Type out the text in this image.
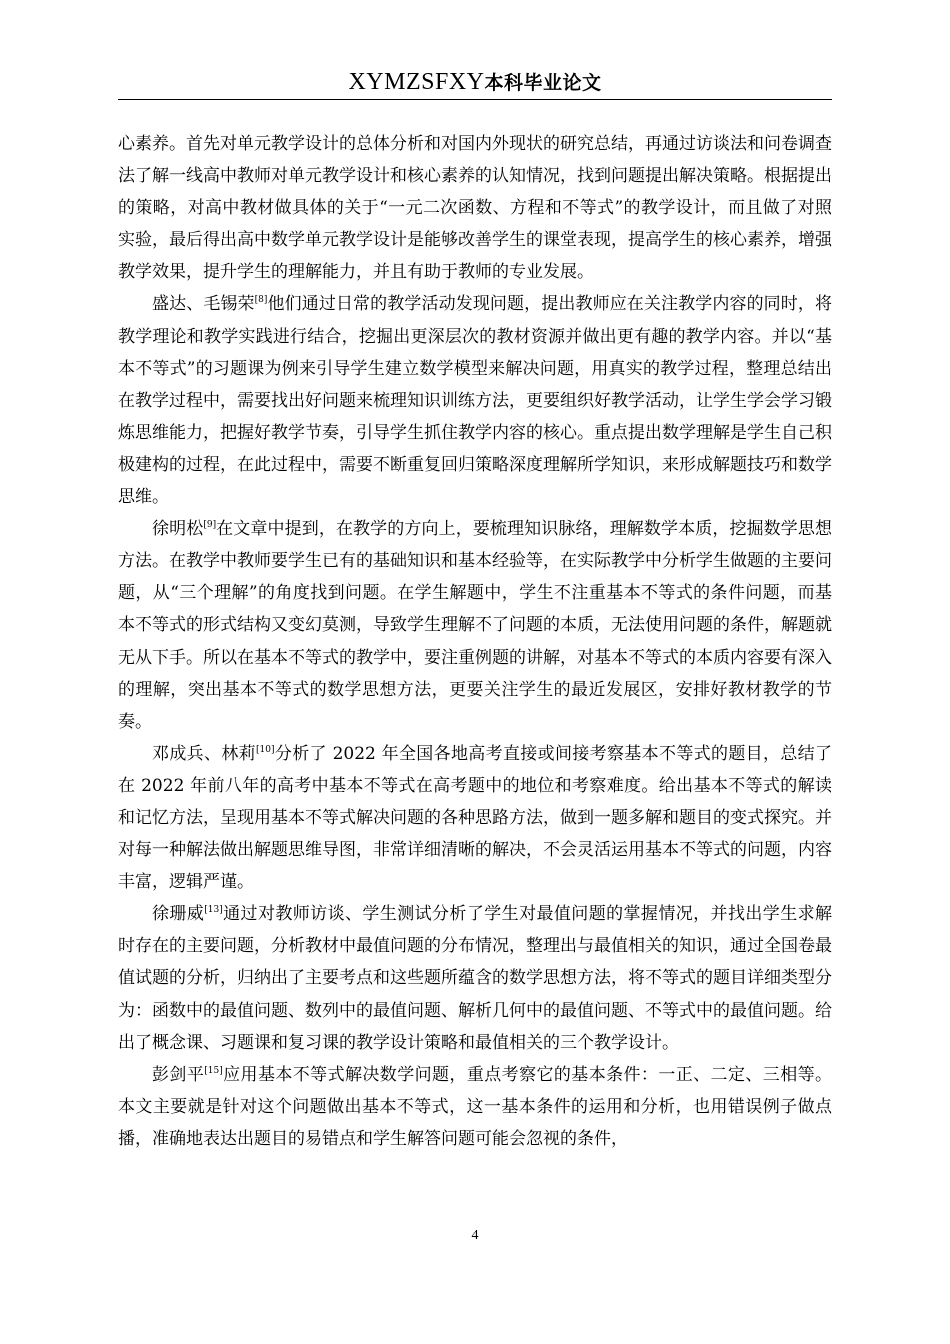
XYMZSFXY本科毕业论文

心素养。首先对单元教学设计的总体分析和对国内外现状的研究总结，再通过访谈法和问卷调查法了解一线高中教师对单元教学设计和核心素养的认知情况，找到问题提出解决策略。根据提出的策略，对高中教材做具体的关于“一元二次函数、方程和不等式”的教学设计，而且做了对照实验，最后得出高中数学单元教学设计是能够改善学生的课堂表现，提高学生的核心素养，增强教学效果，提升学生的理解能力，并且有助于教师的专业发展。

盛达、毛锡荣[8]他们通过日常的教学活动发现问题，提出教师应在关注教学内容的同时，将教学理论和教学实践进行结合，挖掘出更深层次的教材资源并做出更有趣的教学内容。并以“基本不等式”的习题课为例来引导学生建立数学模型来解决问题，用真实的教学过程，整理总结出在教学过程中，需要找出好问题来梳理知识训练方法，更要组织好教学活动，让学生学会学习锻炼思维能力，把握好教学节奏，引导学生抓住教学内容的核心。重点提出数学理解是学生自己积极建构的过程，在此过程中，需要不断重复回归策略深度理解所学知识，来形成解题技巧和数学思维。

徐明松[9]在文章中提到，在教学的方向上，要梳理知识脉络，理解数学本质，挖掘数学思想方法。在教学中教师要学生已有的基础知识和基本经验等，在实际教学中分析学生做题的主要问题，从“三个理解”的角度找到问题。在学生解题中，学生不注重基本不等式的条件问题，而基本不等式的形式结构又变幻莫测，导致学生理解不了问题的本质，无法使用问题的条件，解题就无从下手。所以在基本不等式的教学中，要注重例题的讲解，对基本不等式的本质内容要有深入的理解，突出基本不等式的数学思想方法，更要关注学生的最近发展区，安排好教材教学的节奏。

邓成兵、林莉[10]分析了 2022 年全国各地高考直接或间接考察基本不等式的题目，总结了在 2022 年前八年的高考中基本不等式在高考题中的地位和考察难度。给出基本不等式的解读和记忆方法，呈现用基本不等式解决问题的各种思路方法，做到一题多解和题目的变式探究。并对每一种解法做出解题思维导图，非常详细清晰的解决，不会灵活运用基本不等式的问题，内容丰富，逻辑严谨。

徐珊威[13]通过对教师访谈、学生测试分析了学生对最值问题的掌握情况，并找出学生求解时存在的主要问题，分析教材中最值问题的分布情况，整理出与最值相关的知识，通过全国卷最值试题的分析，归纳出了主要考点和这些题所蕴含的数学思想方法，将不等式的题目详细类型分为：函数中的最值问题、数列中的最值问题、解析几何中的最值问题、不等式中的最值问题。给出了概念课、习题课和复习课的教学设计策略和最值相关的三个教学设计。

彭剑平[15]应用基本不等式解决数学问题，重点考察它的基本条件：一正、二定、三相等。本文主要就是针对这个问题做出基本不等式，这一基本条件的运用和分析，也用错误例子做点播，准确地表达出题目的易错点和学生解答问题可能会忽视的条件，

4
